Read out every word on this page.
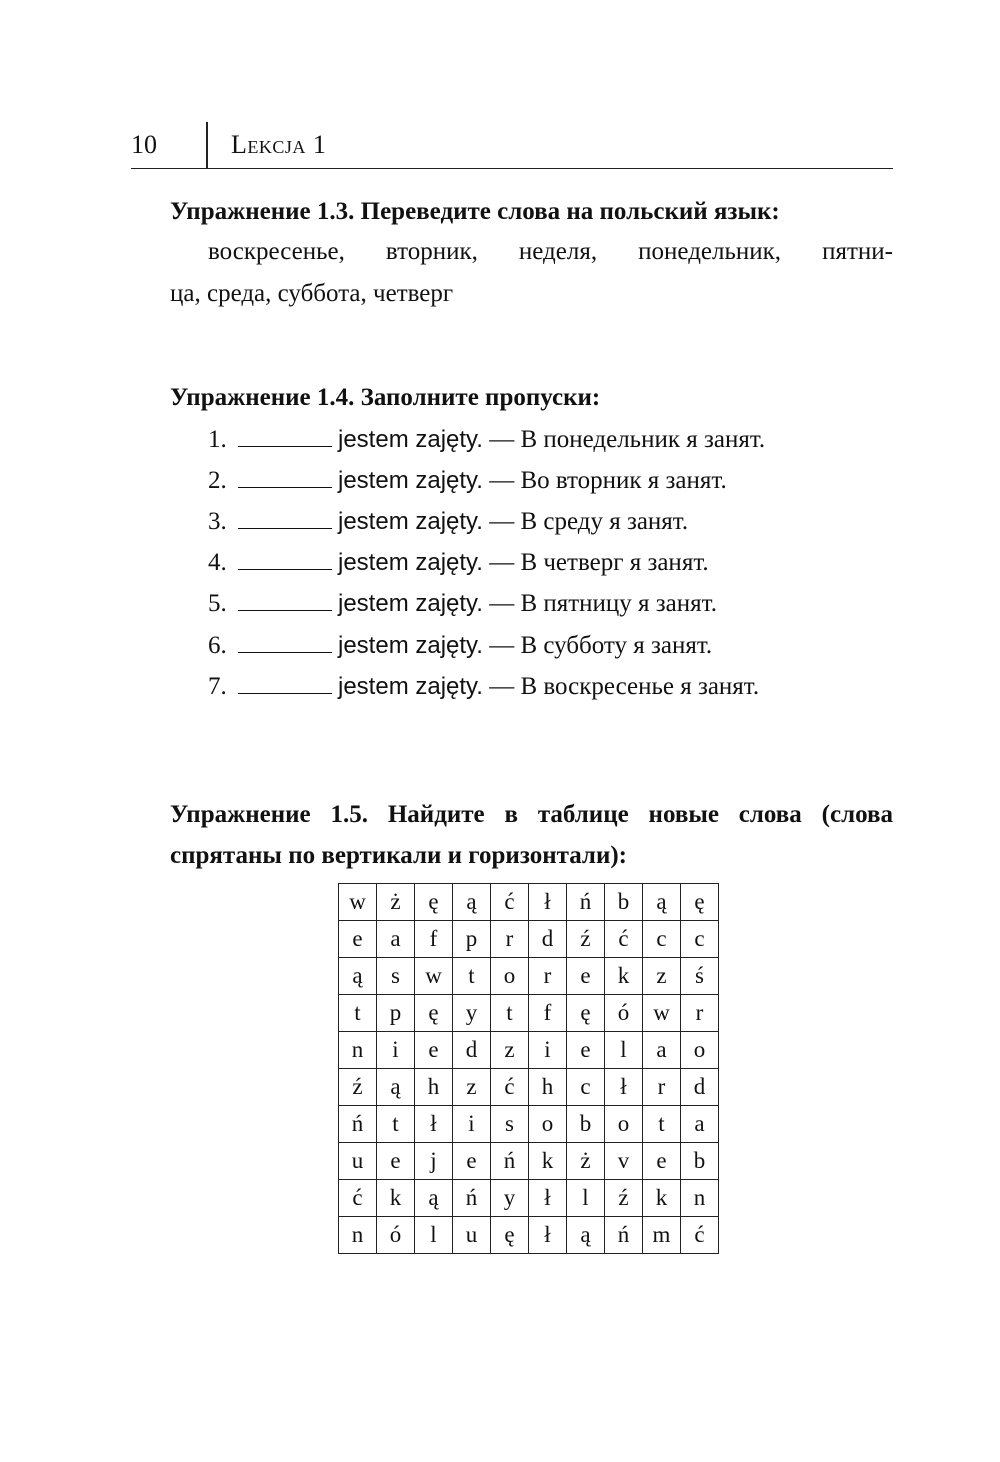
10	Lekcja 1
Упражнение 1.3. Переведите слова на польский язык:
воскресенье, вторник, неделя, понедельник, пятни-
ца, среда, суббота, четверг
Упражнение 1.4. Заполните пропуски:
1.	jestem zajęty. — В понедельник я занят.
2.	jestem zajęty. — Во вторник я занят.
3.	jestem zajęty. — В среду я занят.
4.	jestem zajęty. — В четверг я занят.
5.	jestem zajęty. — В пятницу я занят.
6.	jestem zajęty. — В субботу я занят.
7.	jestem zajęty. — В воскресенье я занят.
Упражнение 1.5. Найдите в таблице новые слова (слова
спрятаны по вертикали и горизонтали):
w	ż	ę	ą	ć	ł	ń	b	ą	ę
e	a	f	p	r	d	ź	ć	c	c
ą	s	w	t	o	r	e	k	z	ś
t	p	ę	y	t	f	ę	ó	w	r
n	i	e	d	z	i	e	l	a	o
ź	ą	h	z	ć	h	c	ł	r	d
ń	t	ł	i	s	o	b	o	t	a
u	e	j	e	ń	k	ż	v	e	b
ć	k	ą	ń	y	ł	l	ź	k	n
n	ó	l	u	ę	ł	ą	ń	m	ć
